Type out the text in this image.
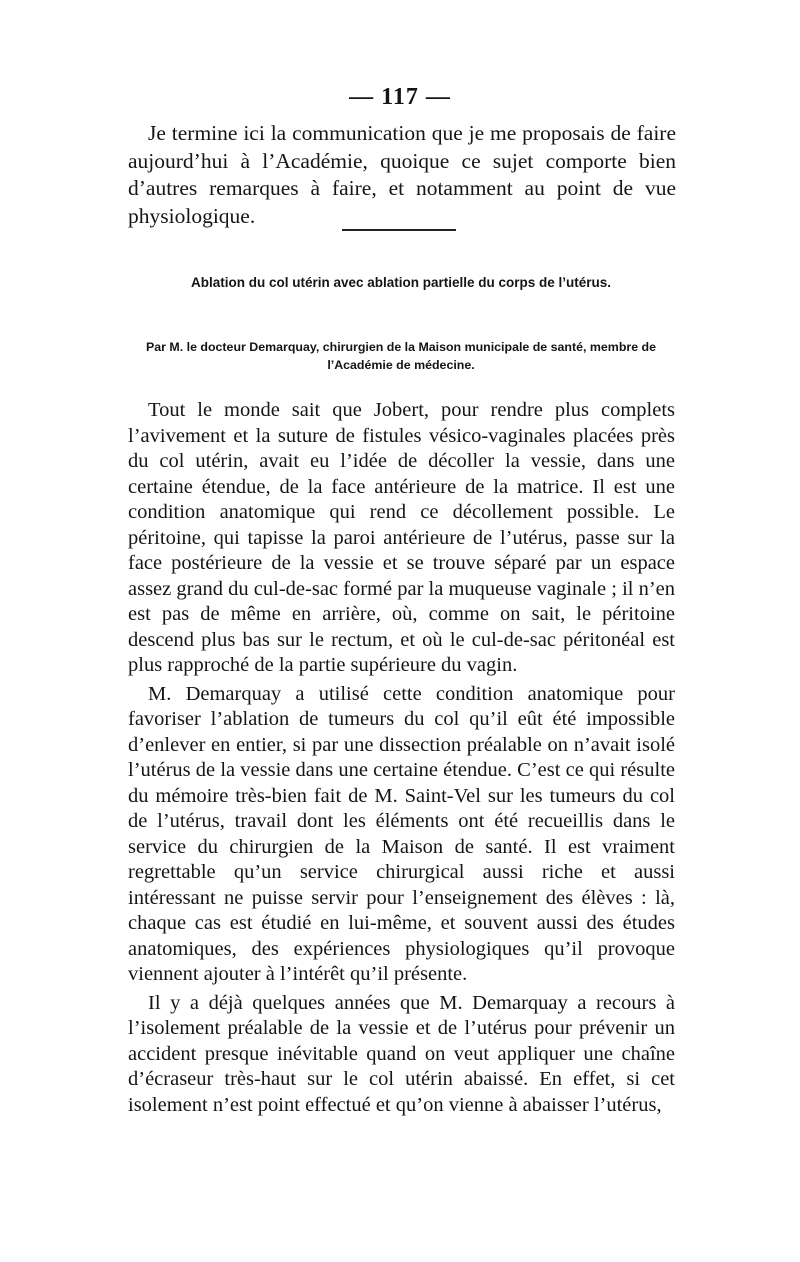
— 117 —
Je termine ici la communication que je me proposais de faire aujourd’hui à l’Académie, quoique ce sujet comporte bien d’autres remarques à faire, et notamment au point de vue physiologique.
Ablation du col utérin avec ablation partielle du corps de l’utérus.
Par M. le docteur Demarquay, chirurgien de la Maison municipale de santé, membre de l’Académie de médecine.

Tout le monde sait que Jobert, pour rendre plus complets l’avivement et la suture de fistules vésico-vaginales placées près du col utérin, avait eu l’idée de décoller la vessie, dans une certaine étendue, de la face antérieure de la matrice. Il est une condition anatomique qui rend ce décollement possible. Le péritoine, qui tapisse la paroi antérieure de l’utérus, passe sur la face postérieure de la vessie et se trouve séparé par un espace assez grand du cul-de-sac formé par la muqueuse vaginale ; il n’en est pas de même en arrière, où, comme on sait, le péritoine descend plus bas sur le rectum, et où le cul-de-sac péritonéal est plus rapproché de la partie supérieure du vagin.

M. Demarquay a utilisé cette condition anatomique pour favoriser l’ablation de tumeurs du col qu’il eût été impossible d’enlever en entier, si par une dissection préalable on n’avait isolé l’utérus de la vessie dans une certaine étendue. C’est ce qui résulte du mémoire très-bien fait de M. Saint-Vel sur les tumeurs du col de l’utérus, travail dont les éléments ont été recueillis dans le service du chirurgien de la Maison de santé. Il est vraiment regrettable qu’un service chirurgical aussi riche et aussi intéressant ne puisse servir pour l’enseignement des élèves : là, chaque cas est étudié en lui-même, et souvent aussi des études anatomiques, des expériences physiologiques qu’il provoque viennent ajouter à l’intérêt qu’il présente.

Il y a déjà quelques années que M. Demarquay a recours à l’isolement préalable de la vessie et de l’utérus pour prévenir un accident presque inévitable quand on veut appliquer une chaîne d’écraseur très-haut sur le col utérin abaissé. En effet, si cet isolement n’est point effectué et qu’on vienne à abaisser l’utérus,
